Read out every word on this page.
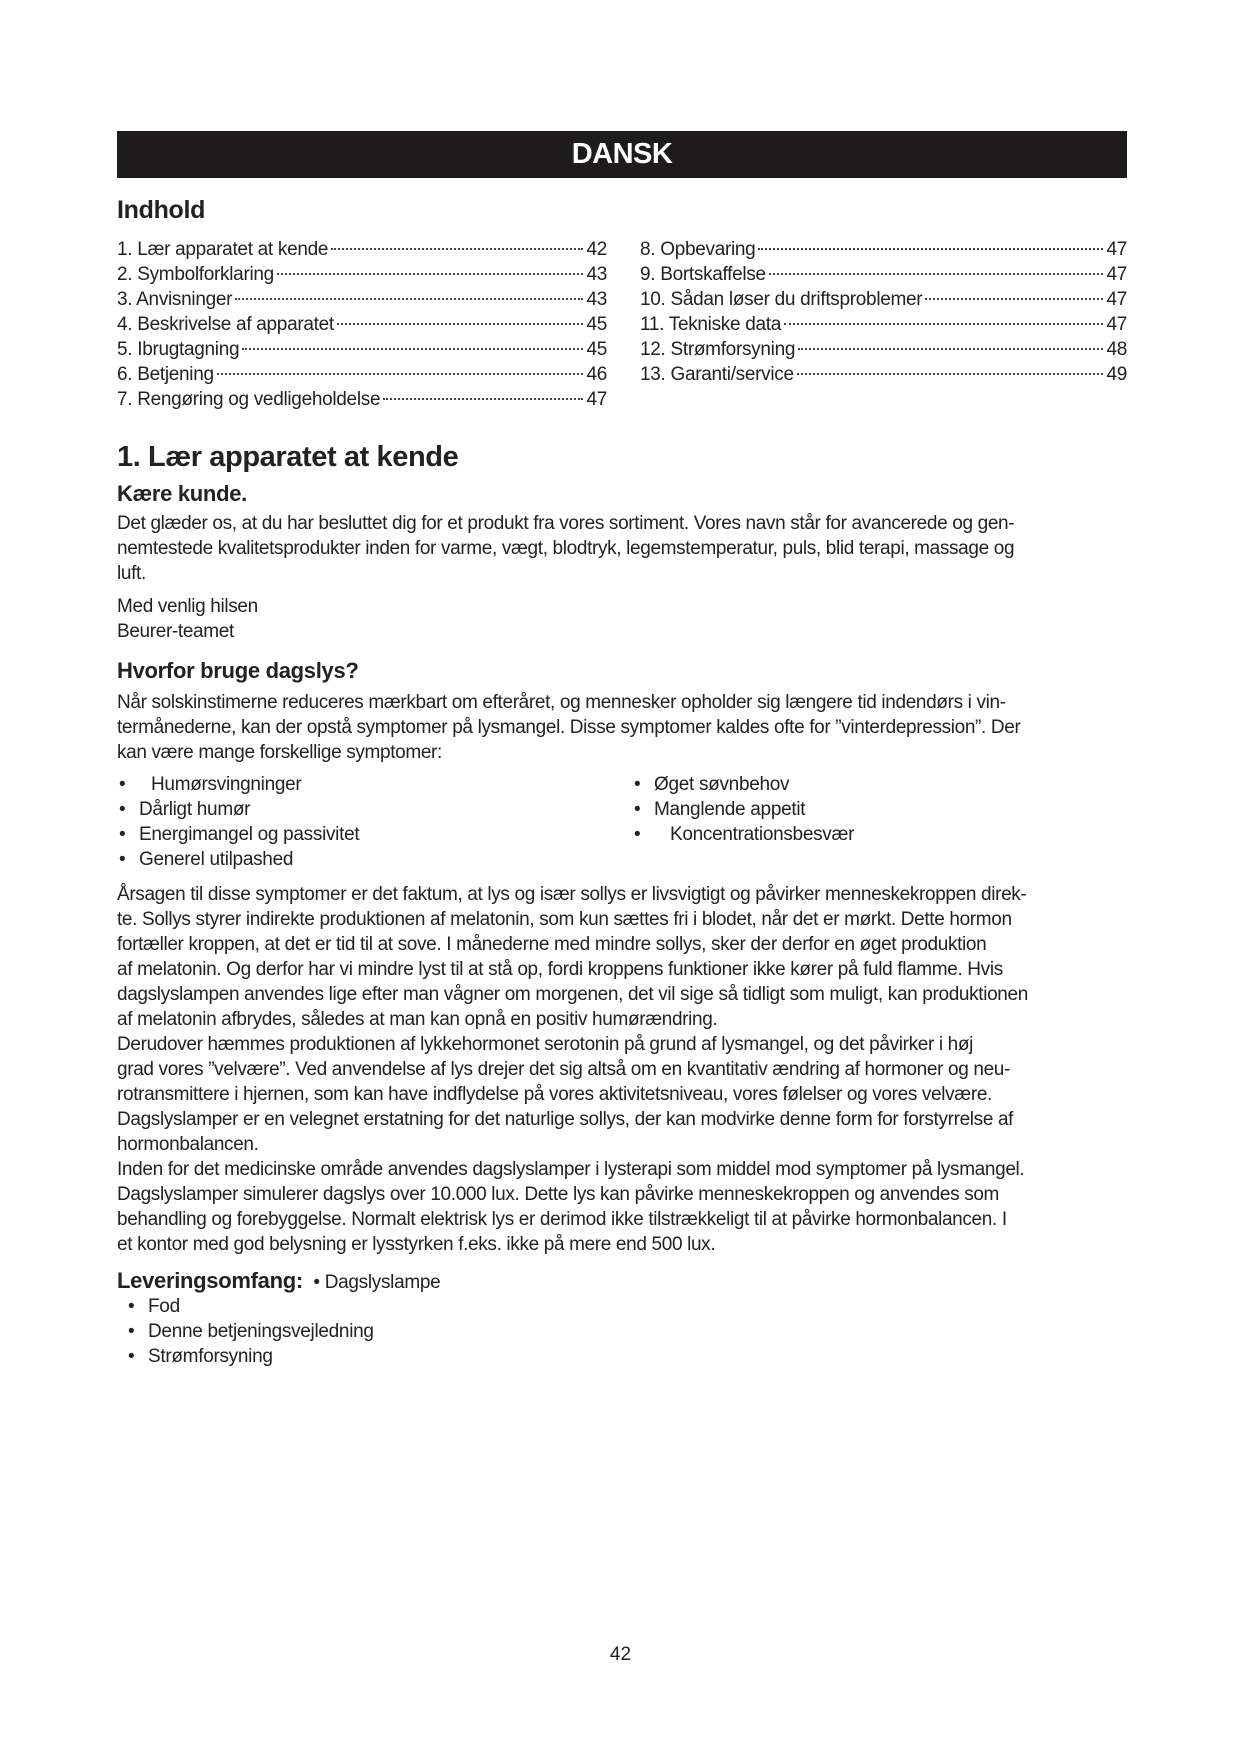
DANSK
Indhold
1. Lær apparatet at kende	42
2. Symbolforklaring	43
3. Anvisninger	43
4. Beskrivelse af apparatet	45
5. Ibrugtagning	45
6. Betjening	46
7. Rengøring og vedligeholdelse	47
8. Opbevaring	47
9. Bortskaffelse	47
10. Sådan løser du driftsproblemer	47
11. Tekniske data	47
12. Strømforsyning	48
13. Garanti/service	49
1. Lær apparatet at kende
Kære kunde.
Det glæder os, at du har besluttet dig for et produkt fra vores sortiment. Vores navn står for avancerede og gen-
nemtestede kvalitetsprodukter inden for varme, vægt, blodtryk, legemstemperatur, puls, blid terapi, massage og
luft.
Med venlig hilsen
Beurer-teamet
Hvorfor bruge dagslys?
Når solskinstimerne reduceres mærkbart om efteråret, og mennesker opholder sig længere tid indendørs i vin-
termånederne, kan der opstå symptomer på lysmangel. Disse symptomer kaldes ofte for ”vinterdepression”. Der
kan være mange forskellige symptomer:
• Humørsvingninger
• Dårligt humør
• Energimangel og passivitet
• Generel utilpashed
• Øget søvnbehov
• Manglende appetit
• Koncentrationsbesvær
Årsagen til disse symptomer er det faktum, at lys og især sollys er livsvigtigt og påvirker menneskekroppen direk-
te. Sollys styrer indirekte produktionen af melatonin, som kun sættes fri i blodet, når det er mørkt. Dette hormon
fortæller kroppen, at det er tid til at sove. I månederne med mindre sollys, sker der derfor en øget produktion
af melatonin. Og derfor har vi mindre lyst til at stå op, fordi kroppens funktioner ikke kører på fuld flamme. Hvis
dagslyslampen anvendes lige efter man vågner om morgenen, det vil sige så tidligt som muligt, kan produktionen
af melatonin afbrydes, således at man kan opnå en positiv humørændring.
Derudover hæmmes produktionen af lykkehormonet serotonin på grund af lysmangel, og det påvirker i høj
grad vores ”velvære”. Ved anvendelse af lys drejer det sig altså om en kvantitativ ændring af hormoner og neu-
rotransmittere i hjernen, som kan have indflydelse på vores aktivitetsniveau, vores følelser og vores velvære.
Dagslyslamper er en velegnet erstatning for det naturlige sollys, der kan modvirke denne form for forstyrrelse af
hormonbalancen.
Inden for det medicinske område anvendes dagslyslamper i lysterapi som middel mod symptomer på lysmangel.
Dagslyslamper simulerer dagslys over 10.000 lux. Dette lys kan påvirke menneskekroppen og anvendes som
behandling og forebyggelse. Normalt elektrisk lys er derimod ikke tilstrækkeligt til at påvirke hormonbalancen. I
et kontor med god belysning er lysstyrken f.eks. ikke på mere end 500 lux.
Leveringsomfang: • Dagslyslampe
• Fod
• Denne betjeningsvejledning
• Strømforsyning
42
